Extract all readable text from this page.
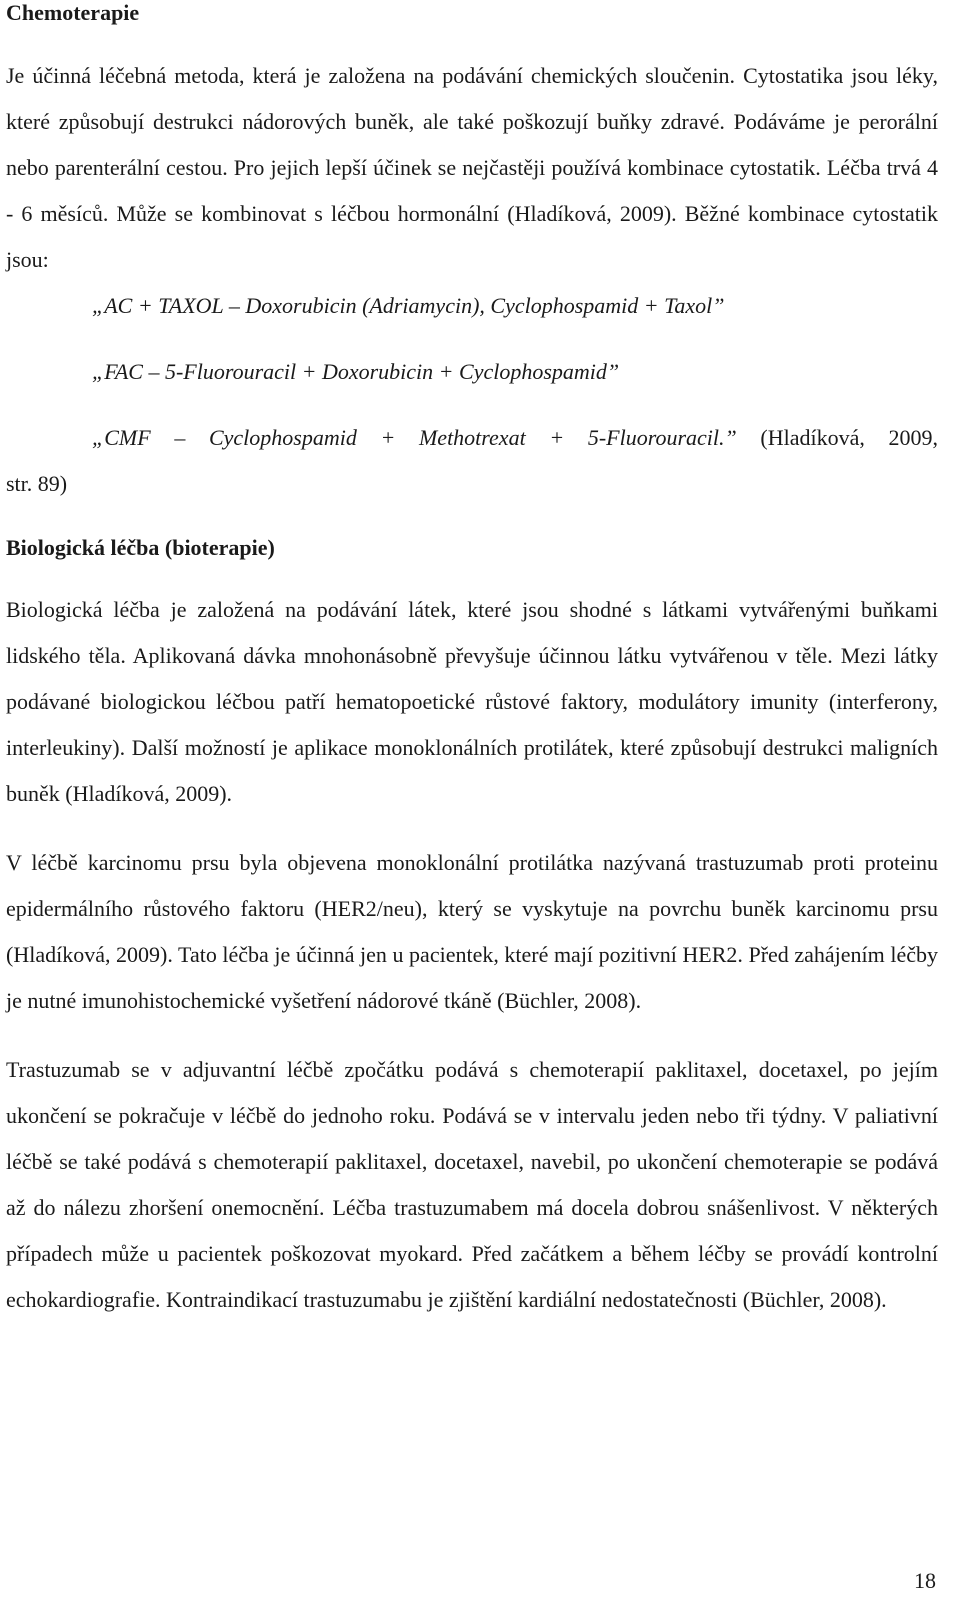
Chemoterapie

Je účinná léčebná metoda, která je založena na podávání chemických sloučenin. Cytostatika jsou léky, které způsobují destrukci nádorových buněk, ale také poškozují buňky zdravé. Podáváme je perorální nebo parenterální cestou. Pro jejich lepší účinek se nejčastěji používá kombinace cytostatik. Léčba trvá 4 - 6 měsíců. Může se kombinovat s léčbou hormonální (Hladíková, 2009). Běžné kombinace cytostatik jsou:

„AC + TAXOL – Doxorubicin (Adriamycin), Cyclophospamid + Taxol”
„FAC – 5-Fluorouracil + Doxorubicin + Cyclophospamid”
„CMF – Cyclophospamid + Methotrexat + 5-Fluorouracil.” (Hladíková, 2009,
str. 89)

Biologická léčba (bioterapie)

Biologická léčba je založená na podávání látek, které jsou shodné s látkami vytvářenými buňkami lidského těla. Aplikovaná dávka mnohonásobně převyšuje účinnou látku vytvářenou v těle. Mezi látky podávané biologickou léčbou patří hematopoetické růstové faktory, modulátory imunity (interferony, interleukiny). Další možností je aplikace monoklonálních protilátek, které způsobují destrukci maligních buněk (Hladíková, 2009).

V léčbě karcinomu prsu byla objevena monoklonální protilátka nazývaná trastuzumab proti proteinu epidermálního růstového faktoru (HER2/neu), který se vyskytuje na povrchu buněk karcinomu prsu (Hladíková, 2009). Tato léčba je účinná jen u pacientek, které mají pozitivní HER2. Před zahájením léčby je nutné imunohistochemické vyšetření nádorové tkáně (Büchler, 2008).

Trastuzumab se v adjuvantní léčbě zpočátku podává s chemoterapií paklitaxel, docetaxel, po jejím ukončení se pokračuje v léčbě do jednoho roku. Podává se v intervalu jeden nebo tři týdny. V paliativní léčbě se také podává s chemoterapií paklitaxel, docetaxel, navebil, po ukončení chemoterapie se podává až do nálezu zhoršení onemocnění. Léčba trastuzumabem má docela dobrou snášenlivost. V některých případech může u pacientek poškozovat myokard. Před začátkem a během léčby se provádí kontrolní echokardiografie. Kontraindikací trastuzumabu je zjištění kardiální nedostatečnosti (Büchler, 2008).

18
